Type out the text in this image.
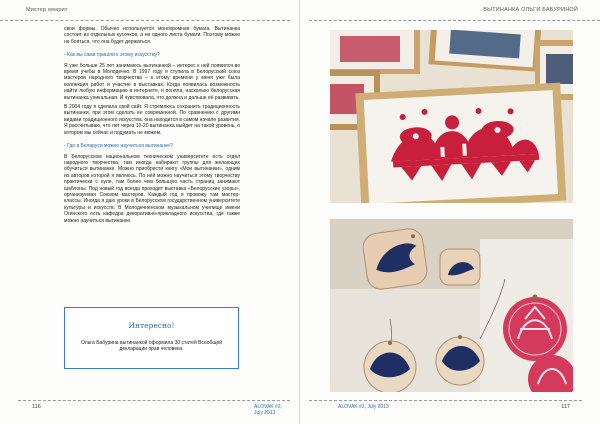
Мистер омарит

свои формы. Обычно используется монохромная бумага. Вытинанка состоит из отдельных кусочков, а не одного листа бумаги. Поэтому можно не бояться, что она будет держаться.

- Как вы сами пришли к этому искусству?

Я уже больше 25 лет занимаюсь вытинанкой – интерес к ней появился во время учебы в Молодечно. В 1997 году я ступила в Белорусский союз мастеров народного творчества – к этому времени у меня уже была коллекция работ и участие в выставках. Когда появилась возможность найти любую информацию в интернете, я поняла, насколько белорусская вытинанка уникальная. И чувствовала, что должна и дальше её развивать.

В 2004 году я сделала свой сайт. Я стремлюсь сохранить традиционность вытинанки, при этом сделать ее современной. По сравнению с другими видами традиционного искусства, она находится в самом начале развития. Я рассчитываю, что лет через 10-20 вытинанка выйдет на такой уровень, о котором мы сейчас и подумать не можем.

- Где в Беларуси можно научиться вытинанке?

В Белорусском национальном техническом университете есть отдел народного творчества, там иногда набирают группы для желающих обучиться вытинанке. Можно приобрести книгу «Мои вытинанки», одним из авторов которой я являюсь. По ней можно научиться этому творчеству практически с нуля, там более чем большую часть страниц занимают шаблоны. Под новый год всегда проходит выставка «Белорусские узоры», организуемая Союзом мастеров. Каждый год я провожу там мастер-классы. Иногда я даю уроки в Белорусском государственном университете культуры и искусств. В Молодечненском музыкальном училище имени Огинского есть кафедра декоративно-прикладного искусства, где также можно научиться вытинанке.

Интересно!
Ольга Бабурина вытинанкой оформила 30 статей Всеобщей декларации прав человека.
116	ALOVAK #2, July 2013
ВЫТИНАНКА ОЛЬГИ БАБУРИНОЙ
ALOVAK #2, July 2013	117
